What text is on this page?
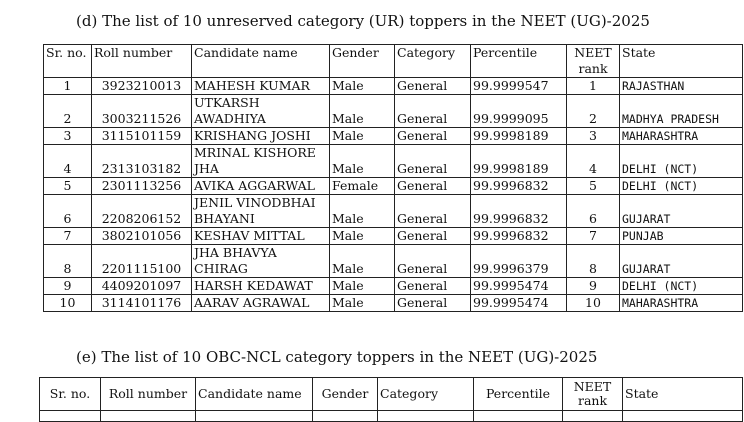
(d) The list of 10 unreserved category (UR) toppers in the NEET (UG)-2025
Sr. no.	Roll number	Candidate name	Gender	Category	Percentile	NEET rank	State
1	3923210013	MAHESH KUMAR	Male	General	99.9999547	1	RAJASTHAN
2	3003211526	UTKARSH AWADHIYA	Male	General	99.9999095	2	MADHYA PRADESH
3	3115101159	KRISHANG JOSHI	Male	General	99.9998189	3	MAHARASHTRA
4	2313103182	MRINAL KISHORE JHA	Male	General	99.9998189	4	DELHI (NCT)
5	2301113256	AVIKA AGGARWAL	Female	General	99.9996832	5	DELHI (NCT)
6	2208206152	JENIL VINODBHAI BHAYANI	Male	General	99.9996832	6	GUJARAT
7	3802101056	KESHAV MITTAL	Male	General	99.9996832	7	PUNJAB
8	2201115100	JHA BHAVYA CHIRAG	Male	General	99.9996379	8	GUJARAT
9	4409201097	HARSH KEDAWAT	Male	General	99.9995474	9	DELHI (NCT)
10	3114101176	AARAV AGRAWAL	Male	General	99.9995474	10	MAHARASHTRA
(e) The list of 10 OBC-NCL category toppers in the NEET (UG)-2025
Sr. no.	Roll number	Candidate name	Gender	Category	Percentile	NEET rank	State
